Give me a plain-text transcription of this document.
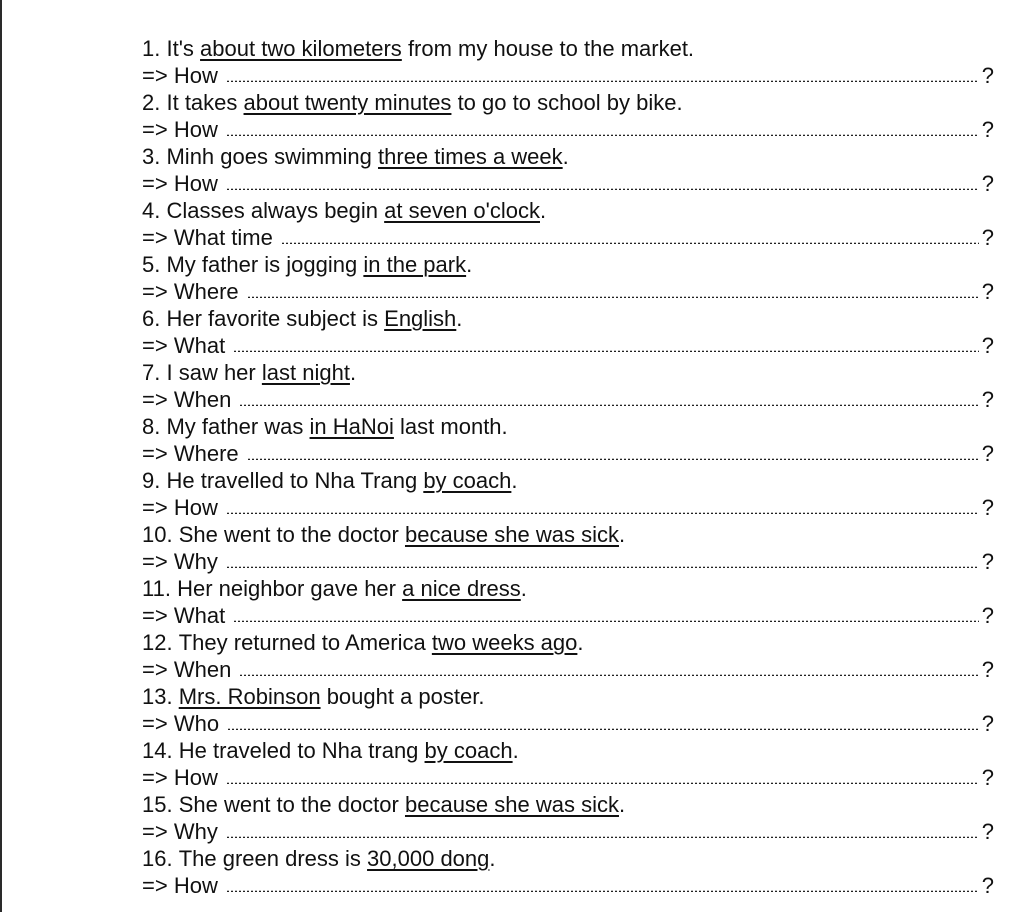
1.
It's
about two kilometers
from my house to the market.
=> How	?
2.
It takes
about twenty minutes
to go to school by bike.
=> How	?
3.
Minh goes swimming
three times a week .
=> How	?
4.
Classes always begin
at seven o'clock .
=> What time	?
5.
My father is jogging
in the park .
=> Where	?
6.
Her favorite subject is
English .
=> What	?
7.
I saw her
last night .
=> When	?
8.
My father was
in HaNoi
last month.
=> Where	?
9.
He travelled to Nha Trang
by coach .
=> How	?
10.
She went to the doctor
because she was sick .
=> Why	?
11.
Her neighbor gave her
a nice dress .
=> What	?
12.
They returned to America
two weeks ago .
=> When	?
13.
Mrs. Robinson
bought a poster.
=> Who	?
14.
He traveled to Nha trang
by coach .
=> How	?
15.
She went to the doctor
because she was sick .
=> Why	?
16.
The green dress is
30,000 dong .
=> How	?
